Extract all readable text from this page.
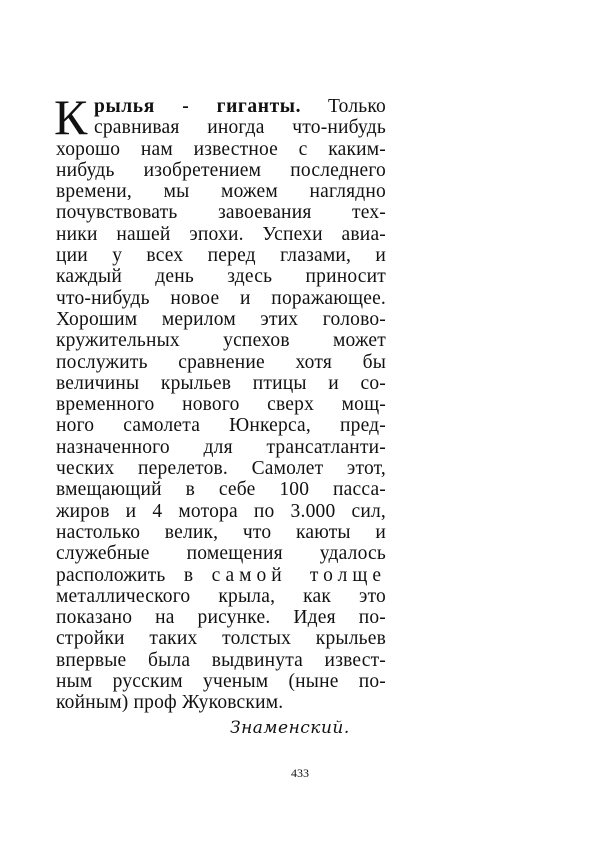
К рылья - гиганты. Только
сравнивая иногда что-нибудь
хорошо нам известное с каким-
нибудь изобретением последнего
времени, мы можем наглядно
почувствовать завоевания тех-
ники нашей эпохи. Успехи авиа-
ции у всех перед глазами, и
каждый день здесь приносит
что-нибудь новое и поражающее.
Хорошим мерилом этих голово-
кружительных успехов может
послужить сравнение хотя бы
величины крыльев птицы и со-
временного нового сверх мощ-
ного самолета Юнкерса, пред-
назначенного для трансатланти-
ческих перелетов. Самолет этот,
вмещающий в себе 100 пасса-
жиров и 4 мотора по 3.000 сил,
настолько велик, что каюты и
служебные помещения удалось
расположить в самой толще
металлического крыла, как это
показано на рисунке. Идея по-
стройки таких толстых крыльев
впервые была выдвинута извест-
ным русским ученым (ныне по-
койным) проф Жуковским.
Знаменский.
433
